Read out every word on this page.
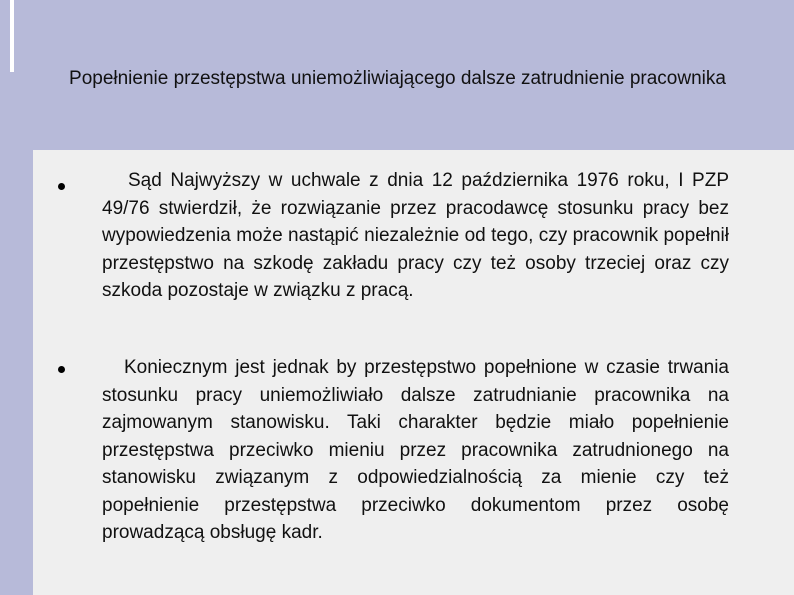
Popełnienie przestępstwa uniemożliwiającego dalsze zatrudnienie pracownika

Sąd Najwyższy w uchwale z dnia 12 października 1976 roku, I PZP 49/76 stwierdził, że rozwiązanie przez pracodawcę stosunku pracy bez wypowiedzenia może nastąpić niezależnie od tego, czy pracownik popełnił przestępstwo na szkodę zakładu pracy czy też osoby trzeciej oraz czy szkoda pozostaje w związku z pracą.

Koniecznym jest jednak by przestępstwo popełnione w czasie trwania stosunku pracy uniemożliwiało dalsze zatrudnianie pracownika na zajmowanym stanowisku. Taki charakter będzie miało popełnienie przestępstwa przeciwko mieniu przez pracownika zatrudnionego na stanowisku związanym z odpowiedzialnością za mienie czy też popełnienie przestępstwa przeciwko dokumentom przez osobę prowadzącą obsługę kadr.
